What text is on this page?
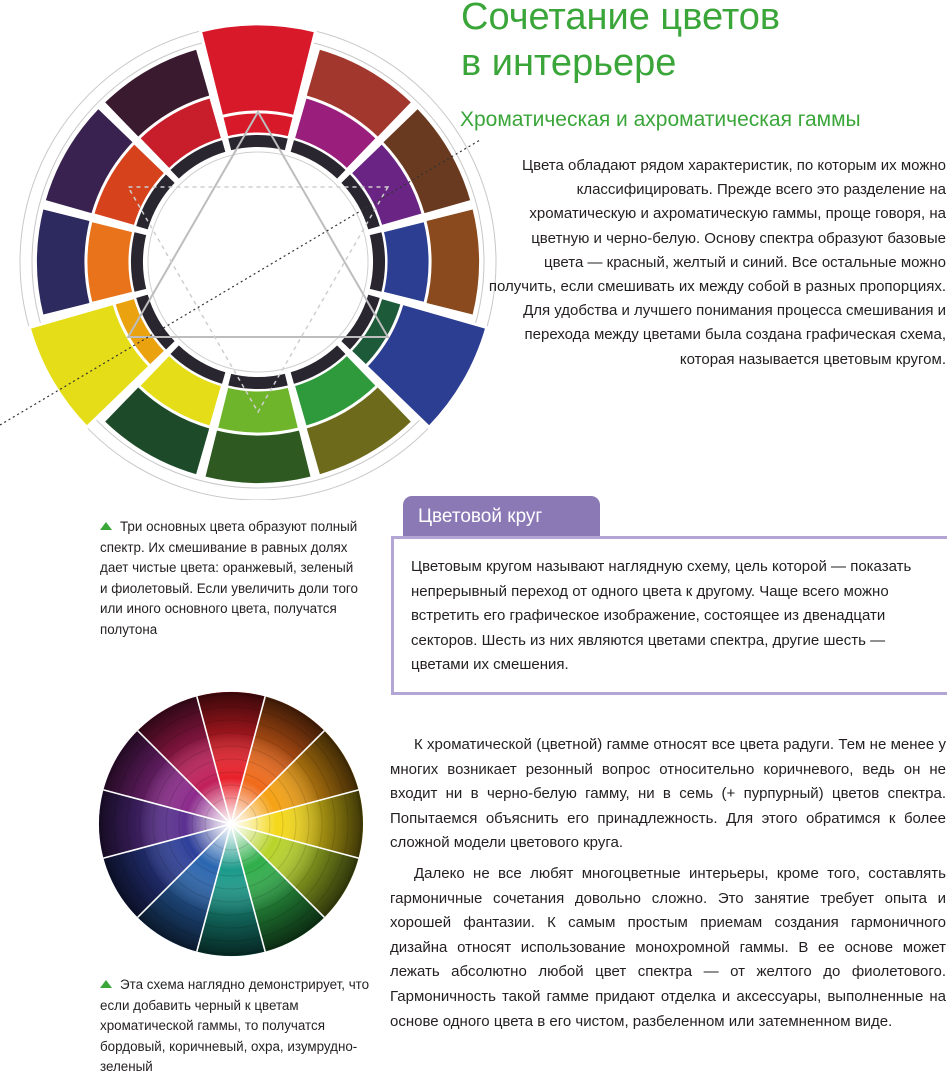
Сочетание цветов
в интерьере
Хроматическая и ахроматическая гаммы

Цвета обладают рядом характеристик, по которым их можно классифицировать. Прежде всего это разделение на хроматическую и ахроматическую гаммы, проще говоря, на цветную и черно-белую. Основу спектра образуют базовые цвета — красный, желтый и синий. Все остальные можно получить, если смешивать их между собой в разных пропорциях. Для удобства и лучшего понимания процесса смешивания и перехода между цветами была создана графическая схема, которая называется цветовым кругом.

Три основных цвета образуют полный спектр. Их смешивание в равных долях дает чистые цвета: оранжевый, зеленый и фиолетовый. Если увеличить доли того или иного основного цвета, получатся полутона

Цветовой круг

Цветовым кругом называют наглядную схему, цель которой — показать непрерывный переход от одного цвета к другому. Чаще всего можно встретить его графическое изображение, состоящее из двенадцати секторов. Шесть из них являются цветами спектра, другие шесть — цветами их смешения.

Эта схема наглядно демонстрирует, что если добавить черный к цветам хроматической гаммы, то получатся бордовый, коричневый, охра, изумрудно-зеленый

К хроматической (цветной) гамме относят все цвета радуги. Тем не менее у многих возникает резонный вопрос относительно коричневого, ведь он не входит ни в черно-белую гамму, ни в семь (+ пурпурный) цветов спектра. Попытаемся объяснить его принадлежность. Для этого обратимся к более сложной модели цветового круга.

Далеко не все любят многоцветные интерьеры, кроме того, составлять гармоничные сочетания довольно сложно. Это занятие требует опыта и хорошей фантазии. К самым простым приемам создания гармоничного дизайна относят использование монохромной гаммы. В ее основе может лежать абсолютно любой цвет спектра — от желтого до фиолетового. Гармоничность такой гамме придают отделка и аксессуары, выполненные на основе одного цвета в его чистом, разбеленном или затемненном виде.
